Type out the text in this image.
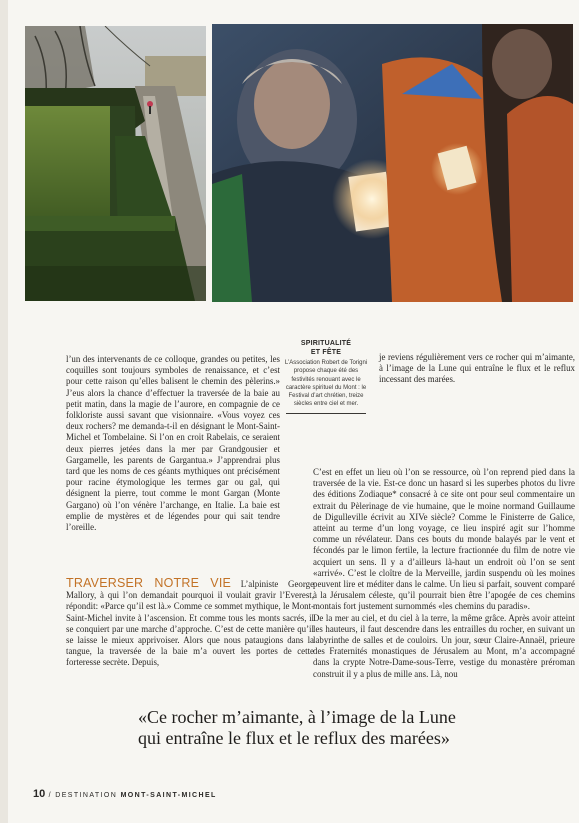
SPIRITUALITÉ
ET FÊTE
L’Association Robert de Torigni propose chaque été des festivités renouant avec le caractère spirituel du Mont : le Festival d’art chrétien, treize siècles entre ciel et mer.

l’un des intervenants de ce colloque, grandes ou petites, les coquilles sont toujours symboles de renaissance, et c’est pour cette raison qu’elles balisent le chemin des pèlerins.» J’eus alors la chance d’effectuer la traversée de la baie au petit matin, dans la magie de l’aurore, en compagnie de ce folkloriste aussi savant que visionnaire. «Vous voyez ces deux rochers? me demanda-t-il en désignant le Mont-Saint-Michel et Tombelaine. Si l’on en croit Rabelais, ce seraient deux pierres jetées dans la mer par Grandgousier et Gargamelle, les parents de Gargantua.» J’apprendrai plus tard que les noms de ces géants mythiques ont précisément pour racine étymologique les termes gar ou gal, qui désignent la pierre, tout comme le mont Gargan (Monte Gargano) où l’on vénère l’archange, en Italie. La baie est emplie de mystères et de légendes pour qui sait tendre l’oreille.

TRAVERSER NOTRE VIE L’alpiniste George Mallory, à qui l’on demandait pourquoi il voulait gravir l’Everest, répondit: «Parce qu’il est là.» Comme ce sommet mythique, le Mont-Saint-Michel invite à l’ascension. Et comme tous les monts sacrés, il se conquiert par une marche d’approche. C’est de cette manière qu’il se laisse le mieux apprivoiser. Alors que nous pataugions dans la tangue, la traversée de la baie m’a ouvert les portes de cette forteresse secrète. Depuis,

je reviens régulièrement vers ce rocher qui m’aimante, à l’image de la Lune qui entraîne le flux et le reflux incessant des marées.

C’est en effet un lieu où l’on se ressource, où l’on reprend pied dans la traversée de la vie. Est-ce donc un hasard si les superbes photos du livre des éditions Zodiaque* consacré à ce site ont pour seul commentaire un extrait du Pèlerinage de vie humaine, que le moine normand Guillaume de Digulleville écrivit au XIVe siècle? Comme le Finisterre de Galice, atteint au terme d’un long voyage, ce lieu inspiré agit sur l’homme comme un révélateur. Dans ces bouts du monde balayés par le vent et fécondés par le limon fertile, la lecture fractionnée du film de notre vie acquiert un sens. Il y a d’ailleurs là-haut un endroit où l’on se sent «arrivé». C’est le cloître de la Merveille, jardin suspendu où les moines peuvent lire et méditer dans le calme. Un lieu si parfait, souvent comparé à la Jérusalem céleste, qu’il pourrait bien être l’apogée de ces chemins montais fort justement surnommés «les chemins du paradis».

De la mer au ciel, et du ciel à la terre, la même grâce. Après avoir atteint les hauteurs, il faut descendre dans les entrailles du rocher, en suivant un labyrinthe de salles et de couloirs. Un jour, sœur Claire-Annaël, prieure des Fraternités monastiques de Jérusalem au Mont, m’a accompagné dans la crypte Notre-Dame-sous-Terre, vestige du monastère préroman construit il y a plus de mille ans. Là, nou

«Ce rocher m’aimante, à l’image de la Lune
qui entraîne le flux et le reflux des marées»
10 / DESTINATION MONT-SAINT-MICHEL
